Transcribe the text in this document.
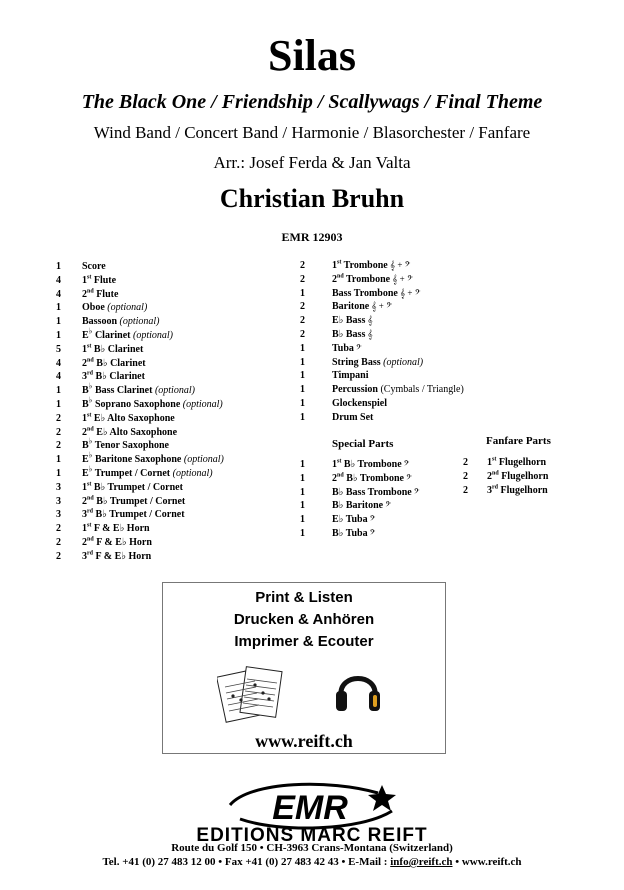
Silas
The Black One / Friendship / Scallywags / Final Theme
Wind Band / Concert Band / Harmonie / Blasorchester / Fanfare
Arr.: Josef Ferda & Jan Valta
Christian Bruhn
EMR 12903
1	Score
4	1st Flute
4	2nd Flute
1	Oboe (optional)
1	Bassoon (optional)
1	E♭ Clarinet (optional)
5	1st B♭ Clarinet
4	2nd B♭ Clarinet
4	3rd B♭ Clarinet
1	B♭ Bass Clarinet (optional)
1	B♭ Soprano Saxophone (optional)
2	1st E♭ Alto Saxophone
2	2nd E♭ Alto Saxophone
2	B♭ Tenor Saxophone
1	E♭ Baritone Saxophone (optional)
1	E♭ Trumpet / Cornet (optional)
3	1st B♭ Trumpet / Cornet
3	2nd B♭ Trumpet / Cornet
3	3rd B♭ Trumpet / Cornet
2	1st F & E♭ Horn
2	2nd F & E♭ Horn
2	3rd F & E♭ Horn
2	1st Trombone 𝄞 + 𝄢
2	2nd Trombone 𝄞 + 𝄢
1	Bass Trombone 𝄞 + 𝄢
2	Baritone 𝄞 + 𝄢
2	E♭ Bass 𝄞
2	B♭ Bass 𝄞
1	Tuba 𝄢
1	String Bass (optional)
1	Timpani
1	Percussion (Cymbals / Triangle)
1	Glockenspiel
1	Drum Set
Special Parts
1	1st B♭ Trombone 𝄢
1	2nd B♭ Trombone 𝄢
1	B♭ Bass Trombone 𝄢
1	B♭ Baritone 𝄢
1	E♭ Tuba 𝄢
1	B♭ Tuba 𝄢
Fanfare Parts
2	1st Flugelhorn
2	2nd Flugelhorn
2	3rd Flugelhorn
Print & Listen
Drucken & Anhören
Imprimer & Ecouter
www.reift.ch
EMR
EDITIONS MARC REIFT
Route du Golf 150 • CH-3963 Crans-Montana (Switzerland)
Tel. +41 (0) 27 483 12 00 • Fax +41 (0) 27 483 42 43 • E-Mail : info@reift.ch • www.reift.ch
